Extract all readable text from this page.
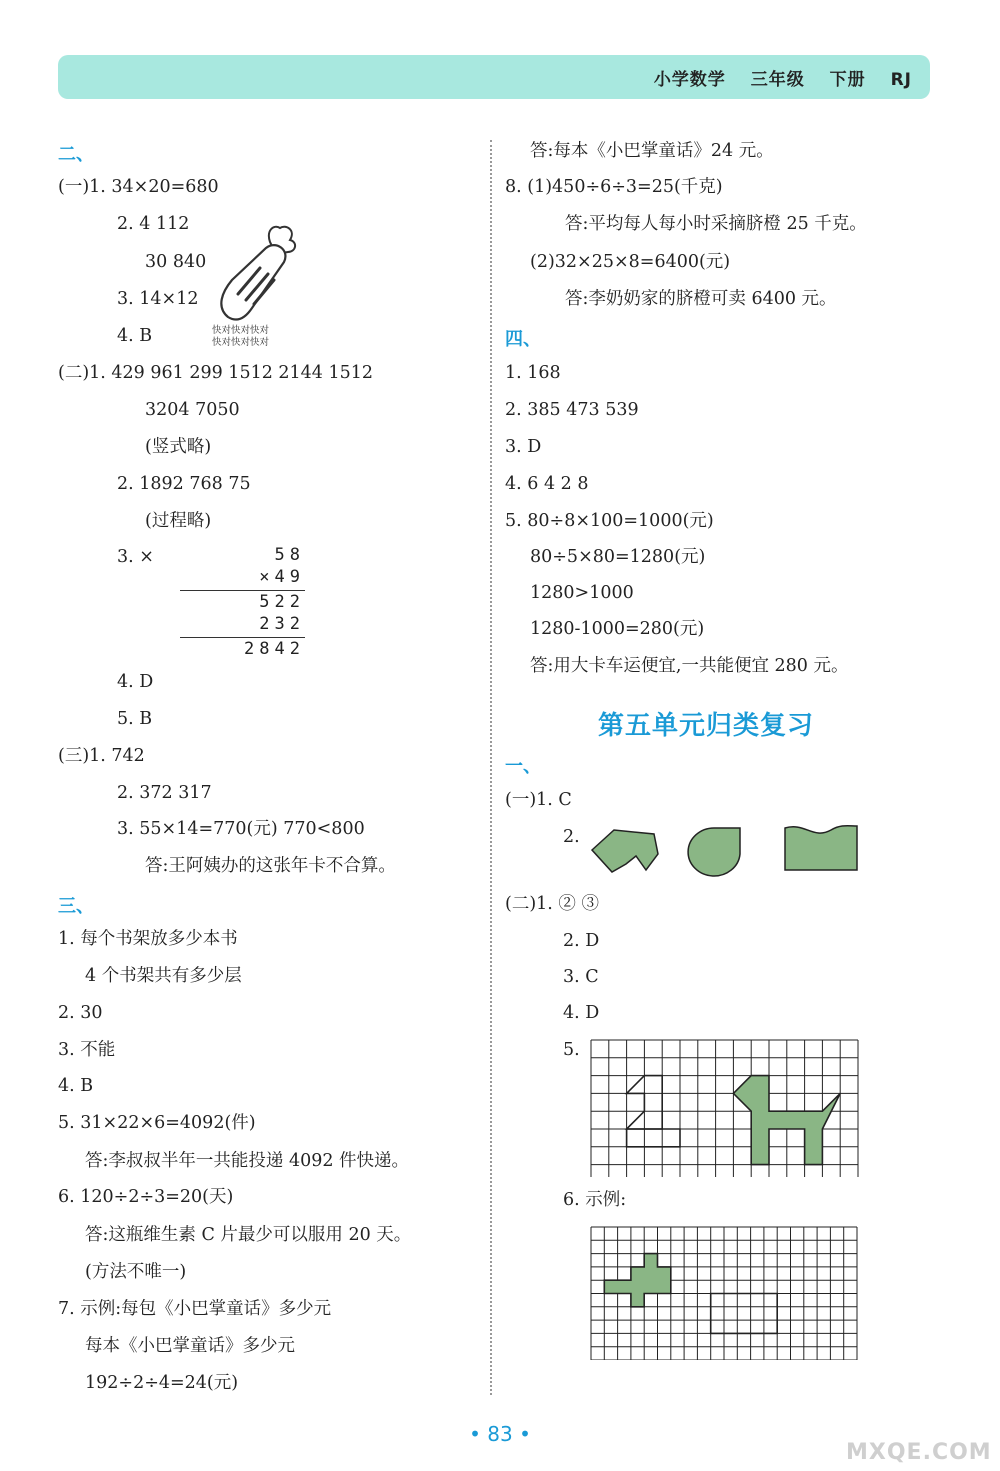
小学数学 三年级 下册 RJ
二、
(一)1. 34×20=680
2. 4 112
30 840
3. 14×12
4. B
(二)1. 429 961 299 1512 2144 1512
3204 7050
(竖式略)
2. 1892 768 75
(过程略)
3. ×
4. D
5. B
(三)1. 742
2. 372 317
3. 55×14=770(元) 770<800
答:王阿姨办的这张年卡不合算。
三、
1. 每个书架放多少本书
4 个书架共有多少层
2. 30
3. 不能
4. B
5. 31×22×6=4092(件)
答:李叔叔半年一共能投递 4092 件快递。
6. 120÷2÷3=20(天)
答:这瓶维生素 C 片最少可以服用 20 天。
(方法不唯一)
7. 示例:每包《小巴掌童话》多少元
每本《小巴掌童话》多少元
192÷2÷4=24(元)
答:每本《小巴掌童话》24 元。
8. (1)450÷6÷3=25(千克)
答:平均每人每小时采摘脐橙 25 千克。
(2)32×25×8=6400(元)
答:李奶奶家的脐橙可卖 6400 元。
四、
1. 168
2. 385 473 539
3. D
4. 6 4 2 8
5. 80÷8×100=1000(元)
80÷5×80=1280(元)
1280>1000
1280-1000=280(元)
答:用大卡车运便宜,一共能便宜 280 元。
一、
(一)1. C
2.
(二)1. ② ③
2. D
3. C
4. D
5.
6. 示例:
58
×49
522
232
2842
快对快对快对
快对快对快对
第五单元归类复习
• 83 •
MXQE.COM
